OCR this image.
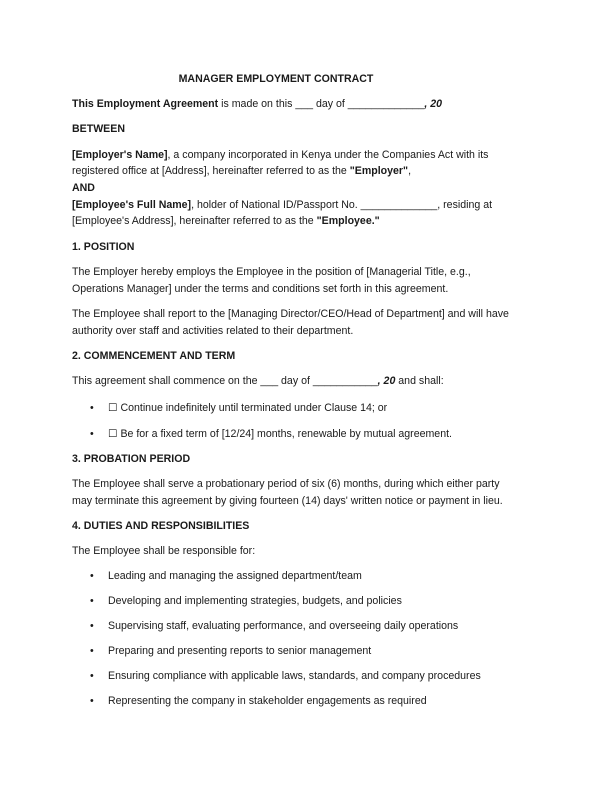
MANAGER EMPLOYMENT CONTRACT
This Employment Agreement is made on this ___ day of _____________, 20
BETWEEN
[Employer's Name], a company incorporated in Kenya under the Companies Act with its
registered office at [Address], hereinafter referred to as the "Employer",
AND
[Employee's Full Name], holder of National ID/Passport No. _____________, residing at
[Employee's Address], hereinafter referred to as the "Employee."
1. POSITION
The Employer hereby employs the Employee in the position of [Managerial Title, e.g.,
Operations Manager] under the terms and conditions set forth in this agreement.
The Employee shall report to the [Managing Director/CEO/Head of Department] and will have
authority over staff and activities related to their department.
2. COMMENCEMENT AND TERM
This agreement shall commence on the ___ day of ___________, 20 and shall:
• ☐ Continue indefinitely until terminated under Clause 14; or
• ☐ Be for a fixed term of [12/24] months, renewable by mutual agreement.
3. PROBATION PERIOD
The Employee shall serve a probationary period of six (6) months, during which either party
may terminate this agreement by giving fourteen (14) days' written notice or payment in lieu.
4. DUTIES AND RESPONSIBILITIES
The Employee shall be responsible for:
• Leading and managing the assigned department/team
• Developing and implementing strategies, budgets, and policies
• Supervising staff, evaluating performance, and overseeing daily operations
• Preparing and presenting reports to senior management
• Ensuring compliance with applicable laws, standards, and company procedures
• Representing the company in stakeholder engagements as required
